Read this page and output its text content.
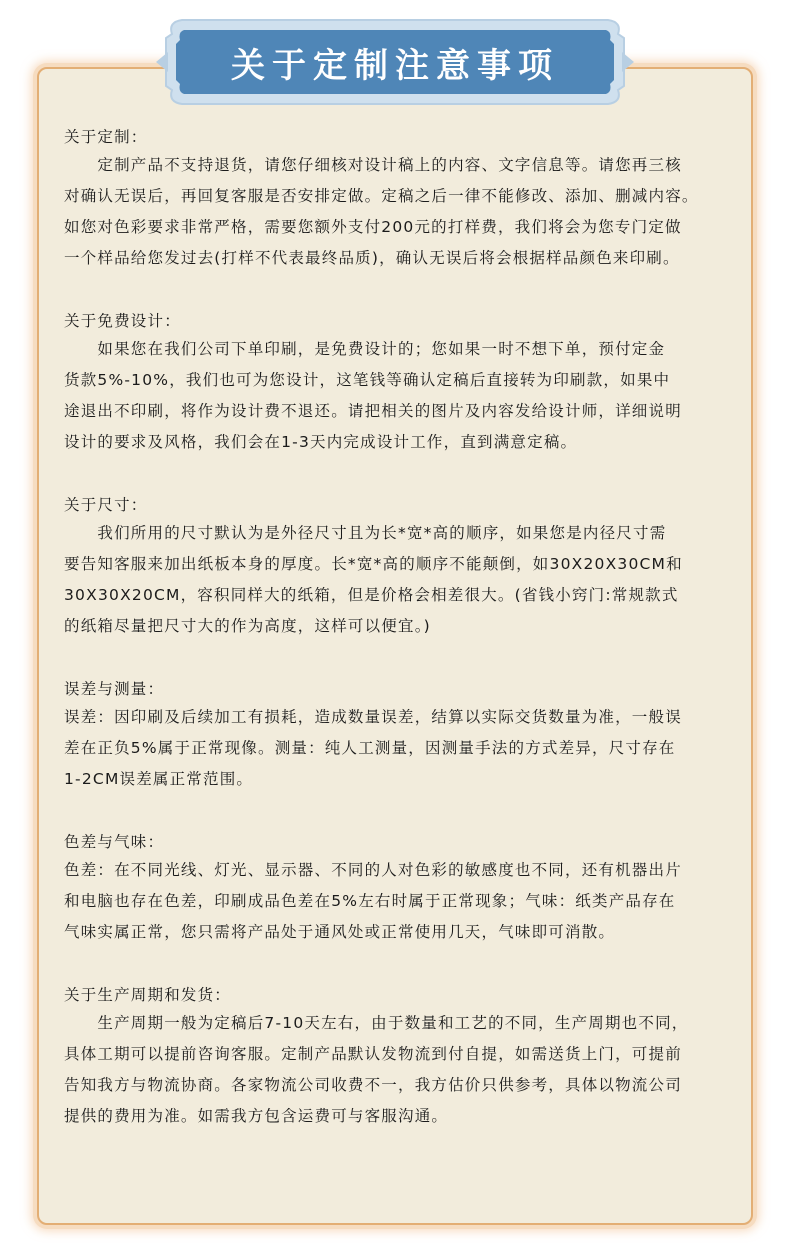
关于定制注意事项
关于定制：
　　定制产品不支持退货，请您仔细核对设计稿上的内容、文字信息等。请您再三核
对确认无误后，再回复客服是否安排定做。定稿之后一律不能修改、添加、删减内容。
如您对色彩要求非常严格，需要您额外支付200元的打样费，我们将会为您专门定做
一个样品给您发过去(打样不代表最终品质)，确认无误后将会根据样品颜色来印刷。
关于免费设计：
　　如果您在我们公司下单印刷，是免费设计的；您如果一时不想下单，预付定金
货款5%-10%，我们也可为您设计，这笔钱等确认定稿后直接转为印刷款，如果中
途退出不印刷，将作为设计费不退还。请把相关的图片及内容发给设计师，详细说明
设计的要求及风格，我们会在1-3天内完成设计工作，直到满意定稿。
关于尺寸：
　　我们所用的尺寸默认为是外径尺寸且为长*宽*高的顺序，如果您是内径尺寸需
要告知客服来加出纸板本身的厚度。长*宽*高的顺序不能颠倒，如30X20X30CM和
30X30X20CM，容积同样大的纸箱，但是价格会相差很大。(省钱小窍门:常规款式
的纸箱尽量把尺寸大的作为高度，这样可以便宜。)
误差与测量：
误差：因印刷及后续加工有损耗，造成数量误差，结算以实际交货数量为准，一般误
差在正负5%属于正常现像。测量：纯人工测量，因测量手法的方式差异，尺寸存在
1-2CM误差属正常范围。
色差与气味：
色差：在不同光线、灯光、显示器、不同的人对色彩的敏感度也不同，还有机器出片
和电脑也存在色差，印刷成品色差在5%左右时属于正常现象；气味：纸类产品存在
气味实属正常，您只需将产品处于通风处或正常使用几天，气味即可消散。
关于生产周期和发货：
　　生产周期一般为定稿后7-10天左右，由于数量和工艺的不同，生产周期也不同，
具体工期可以提前咨询客服。定制产品默认发物流到付自提，如需送货上门，可提前
告知我方与物流协商。各家物流公司收费不一，我方估价只供参考，具体以物流公司
提供的费用为准。如需我方包含运费可与客服沟通。
